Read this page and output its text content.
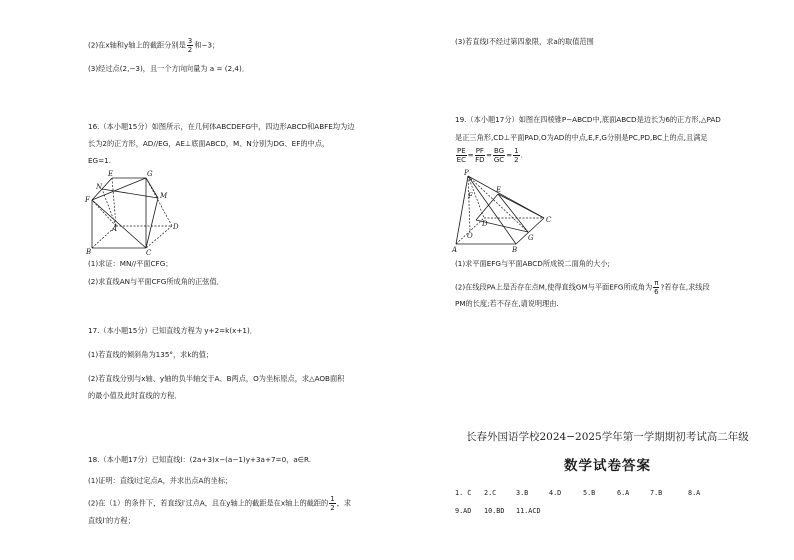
(2)在x轴和y轴上的截距分别是 $\frac{3}{2}$ 和−3；
(3)经过点(2,−3)，且一个方向向量为 a = (2,4)．
16.（本小题15分）如图所示，在几何体ABCDEFG中，四边形ABCD和ABFE均为边
长为2的正方形，AD//EG，AE⊥底面ABCD，M、N分别为DG、EF的中点，
EG=1.
E	G
N
M
F
A	D
B	C
(1)求证：MN//平面CFG；
(2)求直线AN与平面CFG所成角的正弦值．
17.（本小题15分）已知直线方程为 y+2=k(x+1)．
(1)若直线的倾斜角为135°，求k的值；
(2)若直线分别与x轴、y轴的负半轴交于A、B两点，O为坐标原点，求△AOB面积
的最小值及此时直线的方程．
18.（本小题17分）已知直线l：(2a+3)x−(a−1)y+3a+7=0，a∈R.
(1)证明：直线l过定点A，并求出点A的坐标；
(2)在（1）的条件下，若直线l′过点A，且在y轴上的截距是在x轴上的截距的 $\frac{1}{2}$ ，求
直线l′的方程；
(3)若直线l不经过第四象限，求a的取值范围
19.（本小题17分）如图在四棱锥P−ABCD中,底面ABCD是边长为6的正方形,△PAD
是正三角形,CD⊥平面PAD,O为AD的中点,E,F,G分别是PC,PD,BC上的点,且满足
$\frac{PE}{EC} = \frac{PF}{FD} = \frac{BG}{GC} = \frac{1}{2}$ .
P
E
F
O
D	C
A	B
G
(1)求平面EFG与平面ABCD所成锐二面角的大小;
(2)在线段PA上是否存在点M,使得直线GM与平面EFG所成角为 $\frac{\pi}{6}$ ?若存在,求线段
PM的长度;若不存在,请说明理由.
长春外国语学校2024−2025学年第一学期期初考试高二年级
数学试卷答案
1. C 2.C	3.B	4.D	5.B	6.A	7.B	8.A
9.AD 10.BD 11.ACD
